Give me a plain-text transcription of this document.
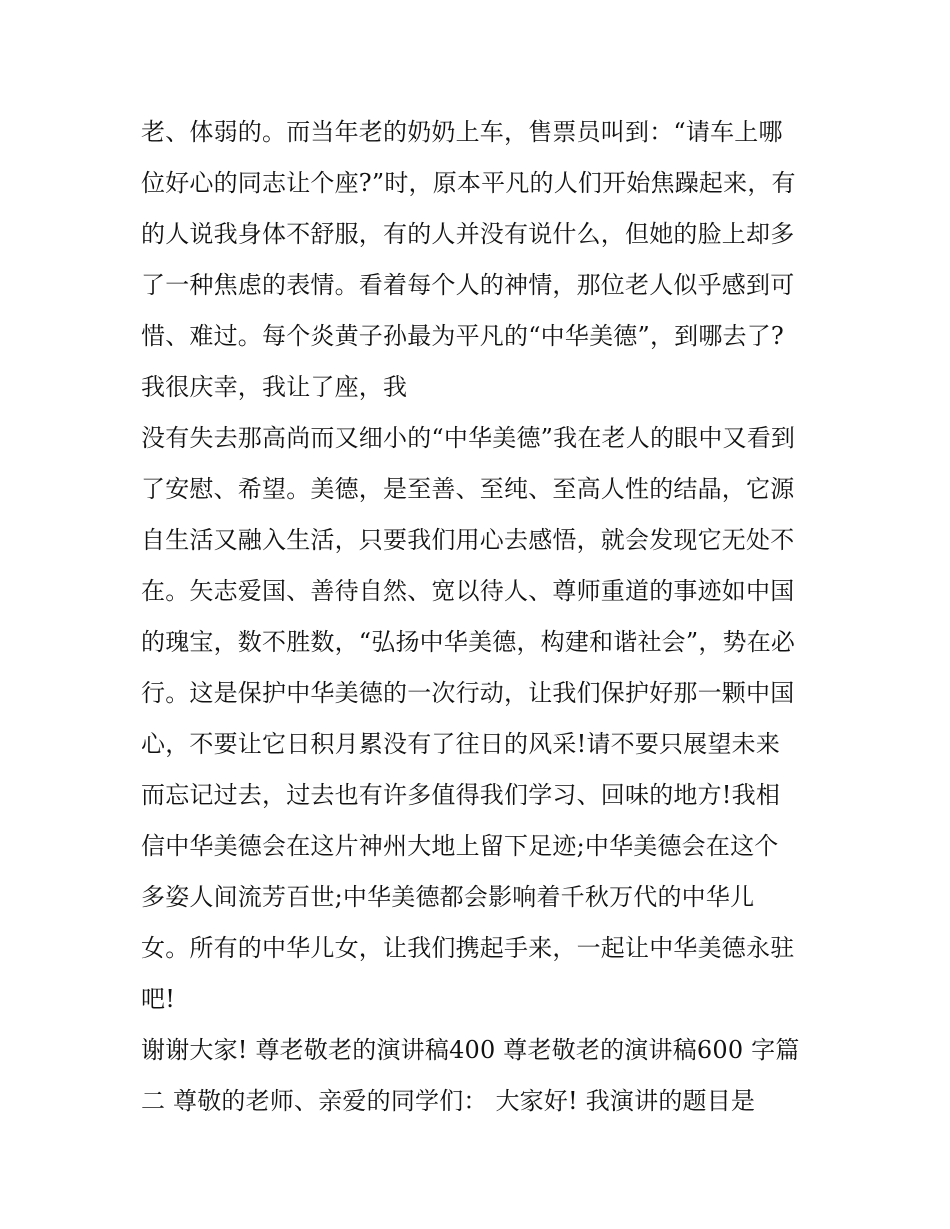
老、体弱的。而当年老的奶奶上车，售票员叫到：“请车上哪
位好心的同志让个座?”时，原本平凡的人们开始焦躁起来，有
的人说我身体不舒服，有的人并没有说什么，但她的脸上却多
了一种焦虑的表情。看着每个人的神情，那位老人似乎感到可
惜、难过。每个炎黄子孙最为平凡的“中华美德”，到哪去了?
我很庆幸，我让了座，我
没有失去那高尚而又细小的“中华美德”我在老人的眼中又看到
了安慰、希望。美德，是至善、至纯、至高人性的结晶，它源
自生活又融入生活，只要我们用心去感悟，就会发现它无处不
在。矢志爱国、善待自然、宽以待人、尊师重道的事迹如中国
的瑰宝，数不胜数，“弘扬中华美德，构建和谐社会”，势在必
行。这是保护中华美德的一次行动，让我们保护好那一颗中国
心，不要让它日积月累没有了往日的风采!请不要只展望未来
而忘记过去，过去也有许多值得我们学习、回味的地方!我相
信中华美德会在这片神州大地上留下足迹;中华美德会在这个
多姿人间流芳百世;中华美德都会影响着千秋万代的中华儿
女。所有的中华儿女，让我们携起手来，一起让中华美德永驻
吧!
谢谢大家! 尊老敬老的演讲稿400 尊老敬老的演讲稿600 字篇
二 尊敬的老师、亲爱的同学们： 大家好! 我演讲的题目是
